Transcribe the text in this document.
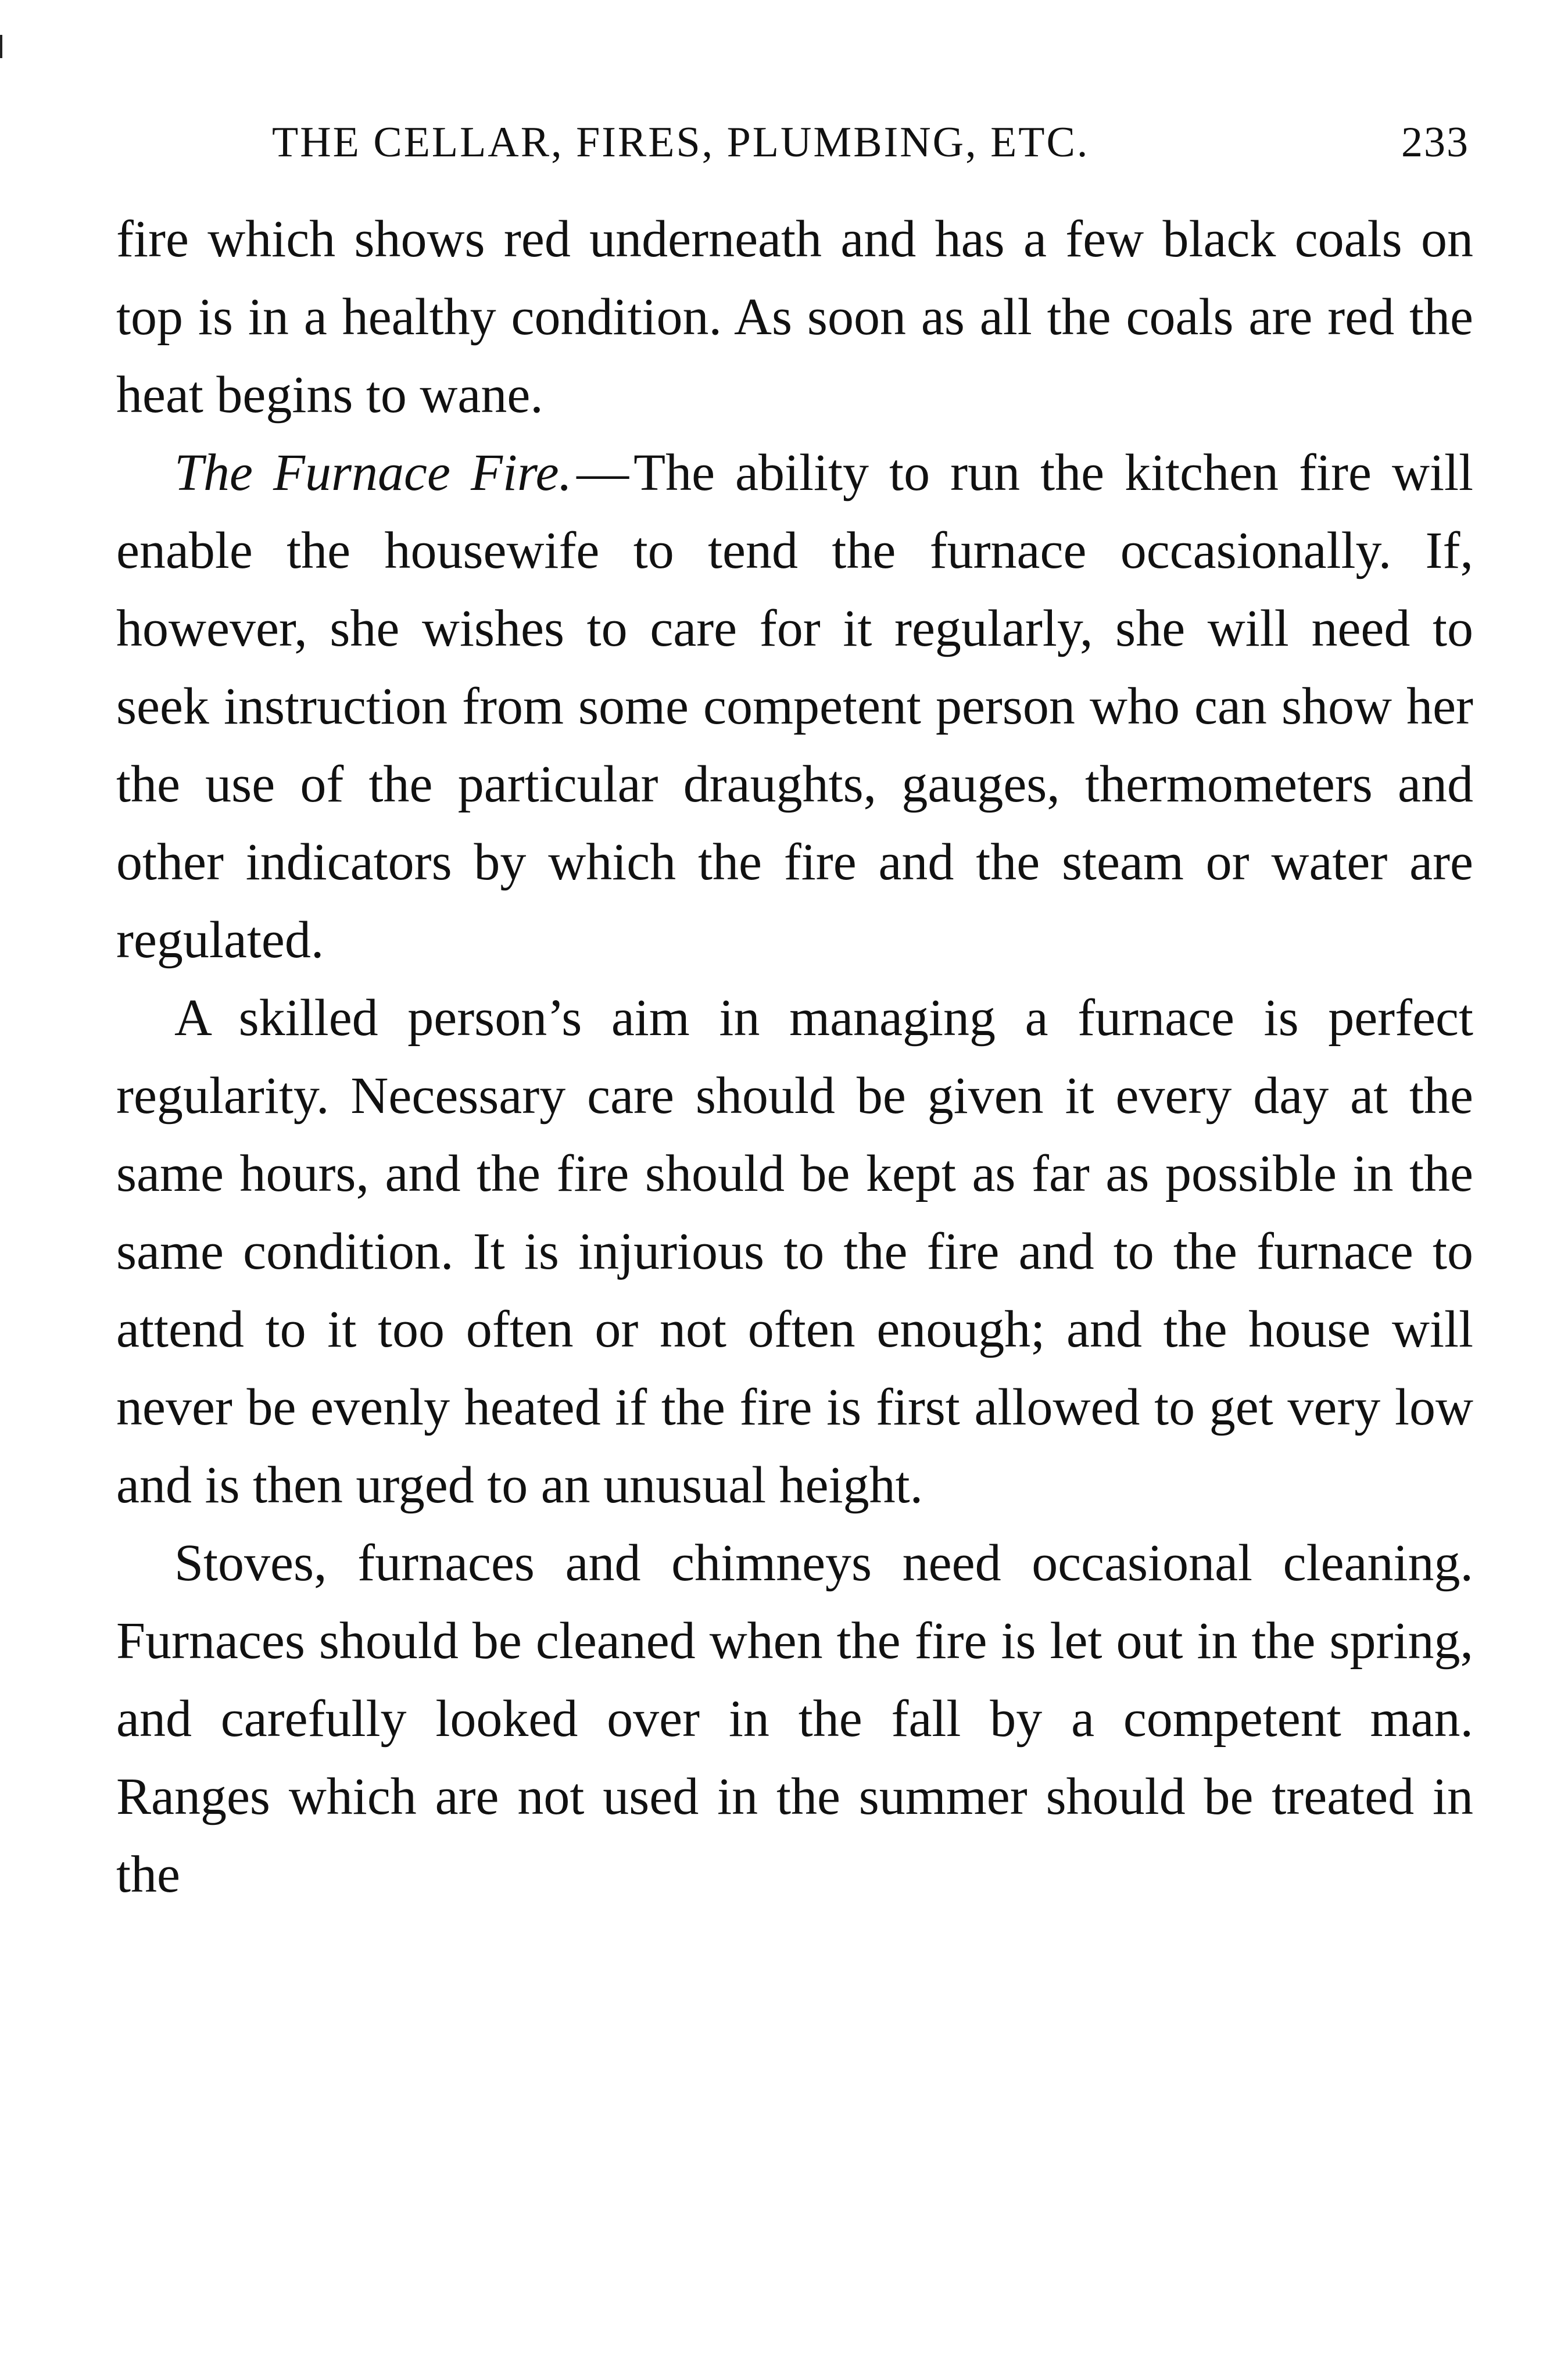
THE CELLAR, FIRES, PLUMBING, ETC.	233

fire which shows red underneath and has a few black coals on top is in a healthy condition. As soon as all the coals are red the heat begins to wane.

The Furnace Fire.—The ability to run the kitchen fire will enable the housewife to tend the furnace occasionally. If, however, she wishes to care for it regularly, she will need to seek instruction from some competent person who can show her the use of the particular draughts, gauges, thermometers and other indicators by which the fire and the steam or water are regulated.

A skilled person’s aim in managing a furnace is perfect regularity. Necessary care should be given it every day at the same hours, and the fire should be kept as far as possible in the same condition. It is injurious to the fire and to the furnace to attend to it too often or not often enough; and the house will never be evenly heated if the fire is first allowed to get very low and is then urged to an unusual height.

Stoves, furnaces and chimneys need occasional cleaning. Furnaces should be cleaned when the fire is let out in the spring, and carefully looked over in the fall by a competent man. Ranges which are not used in the summer should be treated in the
